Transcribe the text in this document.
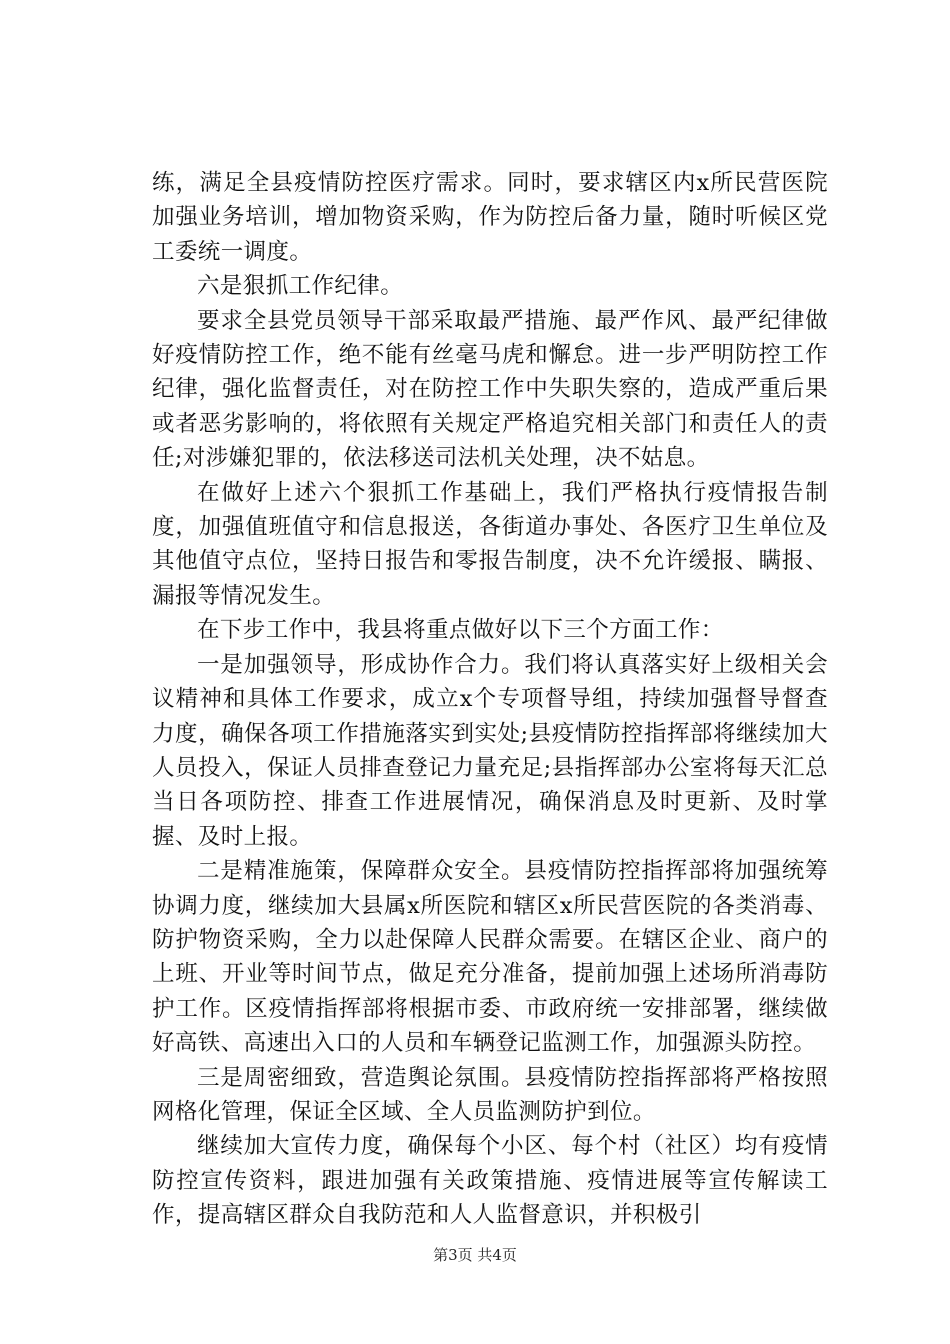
练，满足全县疫情防控医疗需求。同时，要求辖区内x所民营医院加强业务培训，增加物资采购，作为防控后备力量，随时听候区党工委统一调度。

六是狠抓工作纪律。

要求全县党员领导干部采取最严措施、最严作风、最严纪律做好疫情防控工作，绝不能有丝毫马虎和懈怠。进一步严明防控工作纪律，强化监督责任，对在防控工作中失职失察的，造成严重后果或者恶劣影响的，将依照有关规定严格追究相关部门和责任人的责任;对涉嫌犯罪的，依法移送司法机关处理，决不姑息。

在做好上述六个狠抓工作基础上，我们严格执行疫情报告制度，加强值班值守和信息报送，各街道办事处、各医疗卫生单位及其他值守点位，坚持日报告和零报告制度，决不允许缓报、瞒报、漏报等情况发生。

在下步工作中，我县将重点做好以下三个方面工作：

一是加强领导，形成协作合力。我们将认真落实好上级相关会议精神和具体工作要求，成立x个专项督导组，持续加强督导督查力度，确保各项工作措施落实到实处;县疫情防控指挥部将继续加大人员投入，保证人员排查登记力量充足;县指挥部办公室将每天汇总当日各项防控、排查工作进展情况，确保消息及时更新、及时掌握、及时上报。

二是精准施策，保障群众安全。县疫情防控指挥部将加强统筹协调力度，继续加大县属x所医院和辖区x所民营医院的各类消毒、防护物资采购，全力以赴保障人民群众需要。在辖区企业、商户的上班、开业等时间节点，做足充分准备，提前加强上述场所消毒防护工作。区疫情指挥部将根据市委、市政府统一安排部署，继续做好高铁、高速出入口的人员和车辆登记监测工作，加强源头防控。

三是周密细致，营造舆论氛围。县疫情防控指挥部将严格按照网格化管理，保证全区域、全人员监测防护到位。

继续加大宣传力度，确保每个小区、每个村（社区）均有疫情防控宣传资料，跟进加强有关政策措施、疫情进展等宣传解读工作，提高辖区群众自我防范和人人监督意识，并积极引

第3页 共4页
